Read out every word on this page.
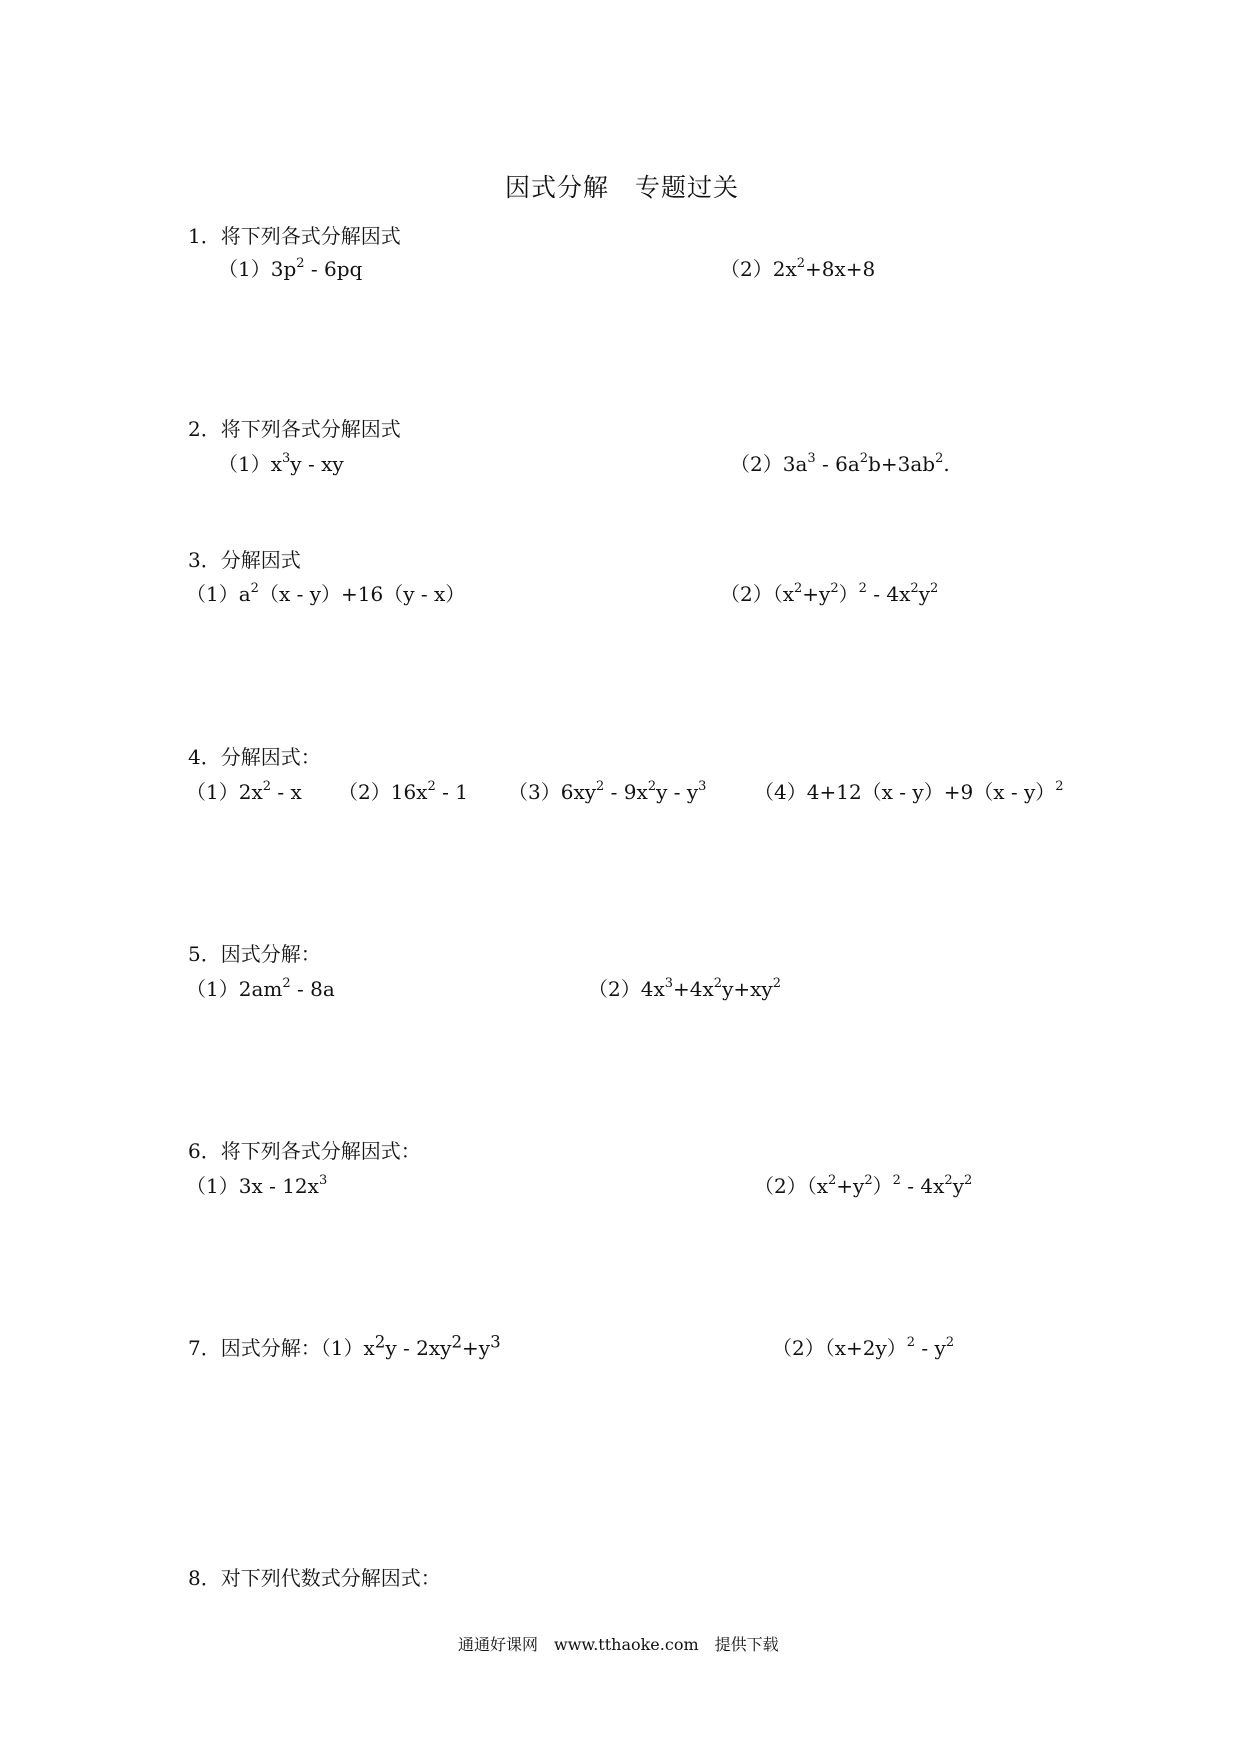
因式分解　专题过关
1．将下列各式分解因式
$(1)3p^2 - 6pq$	$(2)2x^2+8x+8$
2．将下列各式分解因式
$(1)x^3y$ - xy	$(2)3a^3 - 6a^2b+3ab^2$.
3．分解因式
$(1)a^2(x - y)+16(y - x)$	$(2)(x^2+y^2)^2 - 4x^2y^2$
4．分解因式：
$(1)2x^2$ - x $(2)16x^2 - 1$ $(3)6xy^2 - 9x^2y - y^3$ （4）4+12（x - y）+9（x - y）$^2$
5．因式分解：
$(1)2am^2 - 8a$	$(2)4x^3+4x^2y+xy^2$
6．将下列各式分解因式：
$(1)3x - 12x^3$	$(2)(x^2+y^2)^2 - 4x^2y^2$
7．因式分解：$(1)x^2y - 2xy^2+y^3$	$(2)(x+2y)^2 - y^2$
8．对下列代数式分解因式：
通通好课网　www.tthaoke.com　提供下载
